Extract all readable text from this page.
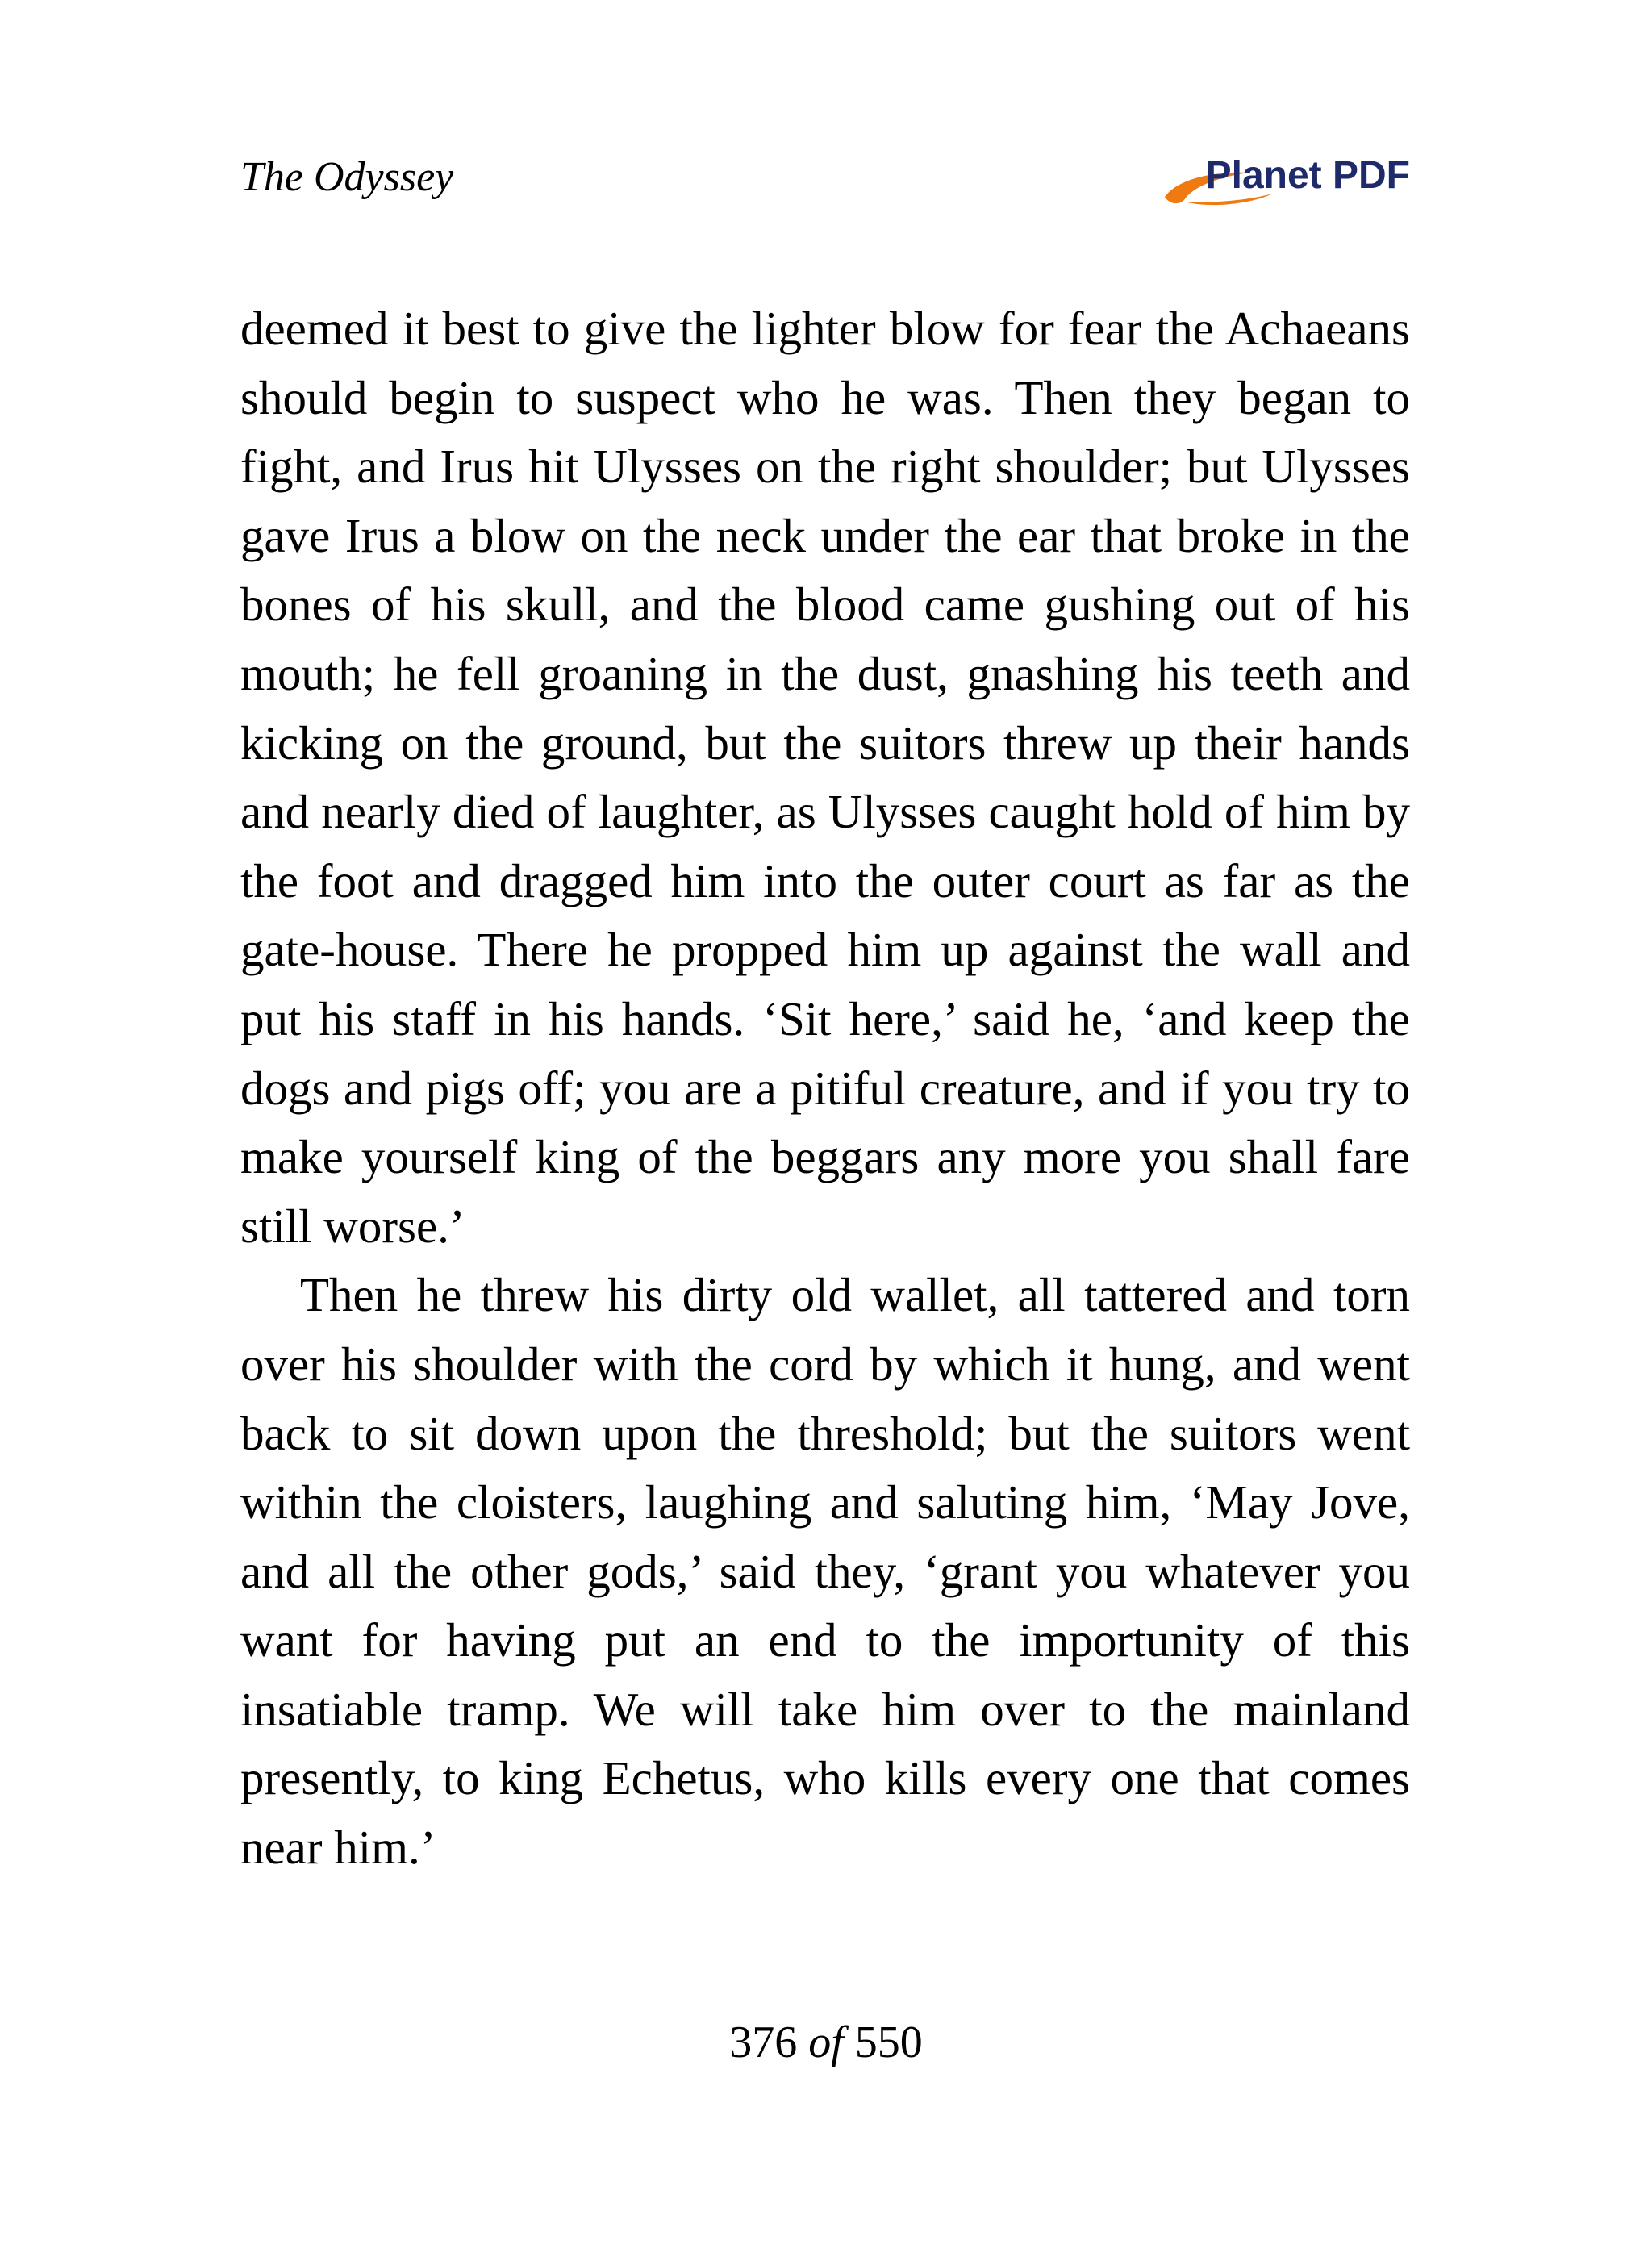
The Odyssey	Planet PDF

deemed it best to give the lighter blow for fear the Achaeans should begin to suspect who he was. Then they began to fight, and Irus hit Ulysses on the right shoulder; but Ulysses gave Irus a blow on the neck under the ear that broke in the bones of his skull, and the blood came gushing out of his mouth; he fell groaning in the dust, gnashing his teeth and kicking on the ground, but the suitors threw up their hands and nearly died of laughter, as Ulysses caught hold of him by the foot and dragged him into the outer court as far as the gate-house. There he propped him up against the wall and put his staff in his hands. ‘Sit here,’ said he, ‘and keep the dogs and pigs off; you are a pitiful creature, and if you try to make yourself king of the beggars any more you shall fare still worse.’

Then he threw his dirty old wallet, all tattered and torn over his shoulder with the cord by which it hung, and went back to sit down upon the threshold; but the suitors went within the cloisters, laughing and saluting him, ‘May Jove, and all the other gods,’ said they, ‘grant you whatever you want for having put an end to the importunity of this insatiable tramp. We will take him over to the mainland presently, to king Echetus, who kills every one that comes near him.’

376 of 550
